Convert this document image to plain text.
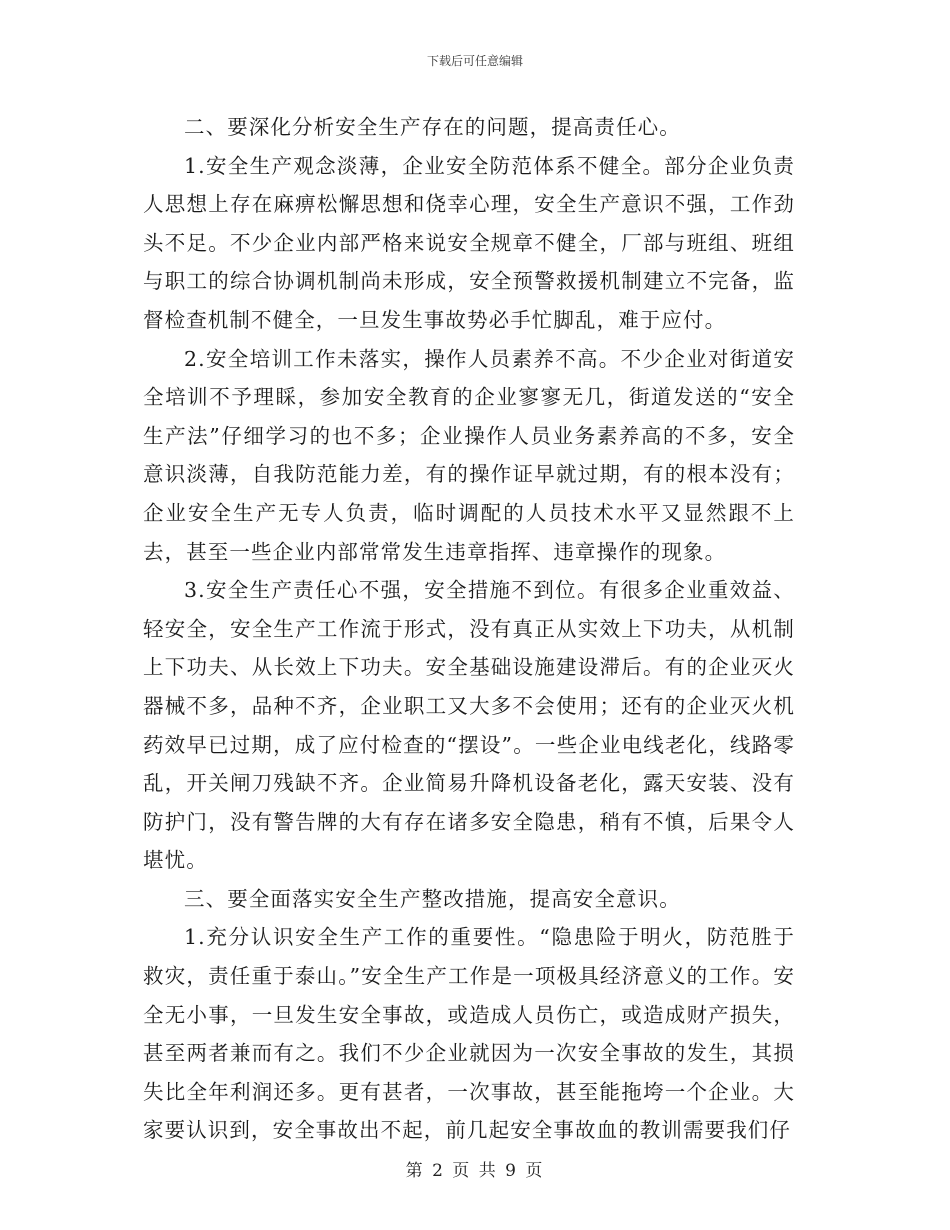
下载后可任意编辑

二、要深化分析安全生产存在的问题，提高责任心。

1.安全生产观念淡薄，企业安全防范体系不健全。部分企业负责人思想上存在麻痹松懈思想和侥幸心理，安全生产意识不强，工作劲头不足。不少企业内部严格来说安全规章不健全，厂部与班组、班组与职工的综合协调机制尚未形成，安全预警救援机制建立不完备，监督检查机制不健全，一旦发生事故势必手忙脚乱，难于应付。

2.安全培训工作未落实，操作人员素养不高。不少企业对街道安全培训不予理睬，参加安全教育的企业寥寥无几，街道发送的“安全生产法”仔细学习的也不多；企业操作人员业务素养高的不多，安全意识淡薄，自我防范能力差，有的操作证早就过期，有的根本没有；企业安全生产无专人负责，临时调配的人员技术水平又显然跟不上去，甚至一些企业内部常常发生违章指挥、违章操作的现象。

3.安全生产责任心不强，安全措施不到位。有很多企业重效益、轻安全，安全生产工作流于形式，没有真正从实效上下功夫，从机制上下功夫、从长效上下功夫。安全基础设施建设滞后。有的企业灭火器械不多，品种不齐，企业职工又大多不会使用；还有的企业灭火机药效早已过期，成了应付检查的“摆设”。一些企业电线老化，线路零乱，开关闸刀残缺不齐。企业简易升降机设备老化，露天安装、没有防护门，没有警告牌的大有存在诸多安全隐患，稍有不慎，后果令人堪忧。

三、要全面落实安全生产整改措施，提高安全意识。

1.充分认识安全生产工作的重要性。“隐患险于明火，防范胜于救灾，责任重于泰山。”安全生产工作是一项极具经济意义的工作。安全无小事，一旦发生安全事故，或造成人员伤亡，或造成财产损失，甚至两者兼而有之。我们不少企业就因为一次安全事故的发生，其损失比全年利润还多。更有甚者，一次事故，甚至能拖垮一个企业。大家要认识到，安全事故出不起，前几起安全事故血的教训需要我们仔

第 2 页 共 9 页
